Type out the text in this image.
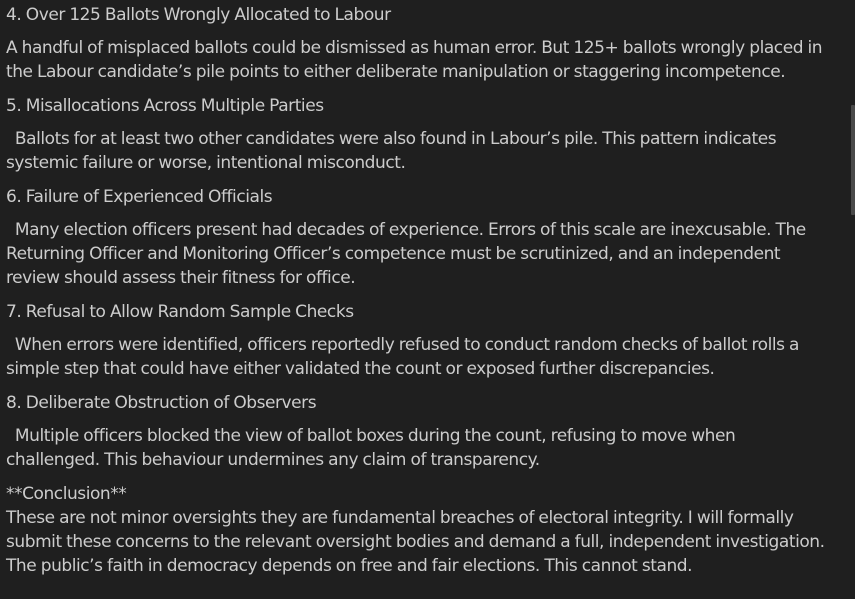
4. Over 125 Ballots Wrongly Allocated to Labour

A handful of misplaced ballots could be dismissed as human error. But 125+ ballots wrongly placed in

the Labour candidate’s pile points to either deliberate manipulation or staggering incompetence.

5. Misallocations Across Multiple Parties

Ballots for at least two other candidates were also found in Labour’s pile. This pattern indicates

systemic failure or worse, intentional misconduct.

6. Failure of Experienced Officials

Many election officers present had decades of experience. Errors of this scale are inexcusable. The

Returning Officer and Monitoring Officer’s competence must be scrutinized, and an independent

review should assess their fitness for office.

7. Refusal to Allow Random Sample Checks

When errors were identified, officers reportedly refused to conduct random checks of ballot rolls a

simple step that could have either validated the count or exposed further discrepancies.

8. Deliberate Obstruction of Observers

Multiple officers blocked the view of ballot boxes during the count, refusing to move when

challenged. This behaviour undermines any claim of transparency.

**Conclusion**

These are not minor oversights they are fundamental breaches of electoral integrity. I will formally

submit these concerns to the relevant oversight bodies and demand a full, independent investigation.

The public’s faith in democracy depends on free and fair elections. This cannot stand.
